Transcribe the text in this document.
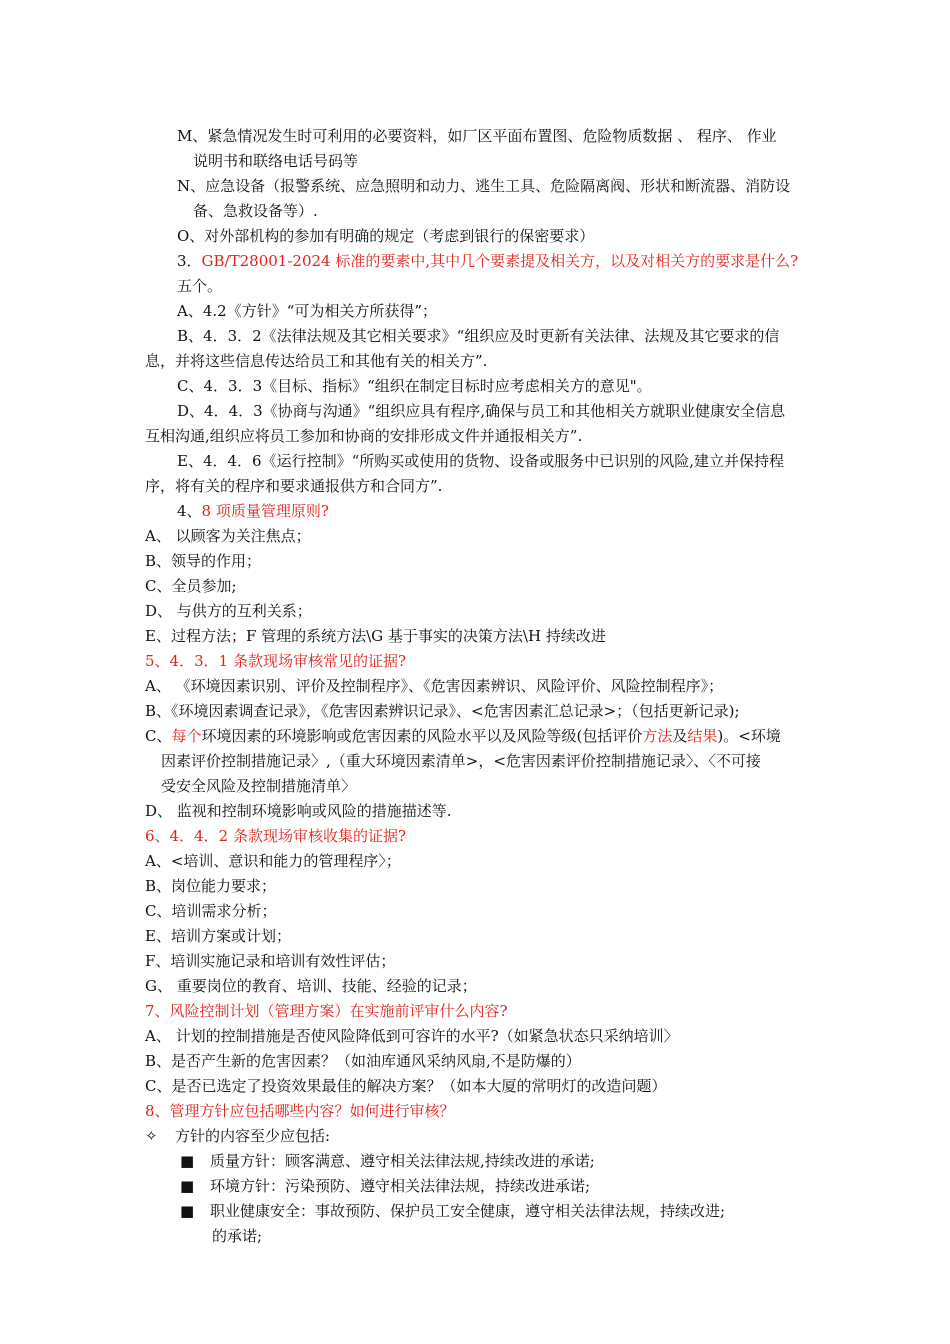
M、紧急情况发生时可利用的必要资料，如厂区平面布置图、危险物质数据 、 程序、 作业
说明书和联络电话号码等
N、应急设备（报警系统、应急照明和动力、逃生工具、危险隔离阀、形状和断流器、消防设
备、急救设备等）.
O、对外部机构的参加有明确的规定（考虑到银行的保密要求）
3．GB/T28001-2024 标准的要素中,其中几个要素提及相关方，以及对相关方的要求是什么?
五个。
A、4.2《方针》“可为相关方所获得”；
B、4．3．2《法律法规及其它相关要求》“组织应及时更新有关法律、法规及其它要求的信
息，并将这些信息传达给员工和其他有关的相关方”.
C、4．3．3《目标、指标》“组织在制定目标时应考虑相关方的意见"。
D、4．4．3《协商与沟通》“组织应具有程序,确保与员工和其他相关方就职业健康安全信息
互相沟通,组织应将员工参加和协商的安排形成文件并通报相关方”.
E、4．4．6《运行控制》“所购买或使用的货物、设备或服务中已识别的风险,建立并保持程
序，将有关的程序和要求通报供方和合同方”.
4、8 项质量管理原则?
A、 以顾客为关注焦点；
B、领导的作用；
C、全员参加;
D、 与供方的互利关系；
E、过程方法；F 管理的系统方法\G 基于事实的决策方法\H 持续改进
5、4．3．1 条款现场审核常见的证据?
A、 《环境因素识别、评价及控制程序》、《危害因素辨识、风险评价、风险控制程序》；
B、《环境因素调查记录》，《危害因素辨识记录》、<危害因素汇总记录>；（包括更新记录);
C、每个环境因素的环境影响或危害因素的风险水平以及风险等级(包括评价方法及结果)。<环境
因素评价控制措施记录〉,（重大环境因素清单>，<危害因素评价控制措施记录〉、〈不可接
受安全风险及控制措施清单〉
D、 监视和控制环境影响或风险的措施描述等.
6、4．4．2 条款现场审核收集的证据?
A、<培训、意识和能力的管理程序〉；
B、岗位能力要求；
C、培训需求分析；
E、培训方案或计划；
F、培训实施记录和培训有效性评估；
G、 重要岗位的教育、培训、技能、经验的记录；
7、风险控制计划（管理方案）在实施前评审什么内容?
A、 计划的控制措施是否使风险降低到可容许的水平?（如紧急状态只采纳培训〉
B、是否产生新的危害因素？（如油库通风采纳风扇,不是防爆的）
C、是否已选定了投资效果最佳的解决方案？（如本大厦的常明灯的改造问题）
8、管理方针应包括哪些内容？如何进行审核？
✧ 方针的内容至少应包括:
■ 质量方针：顾客满意、遵守相关法律法规,持续改进的承诺;
■ 环境方针：污染预防、遵守相关法律法规，持续改进承诺;
■ 职业健康安全：事故预防、保护员工安全健康，遵守相关法律法规，持续改进;
的承诺;
